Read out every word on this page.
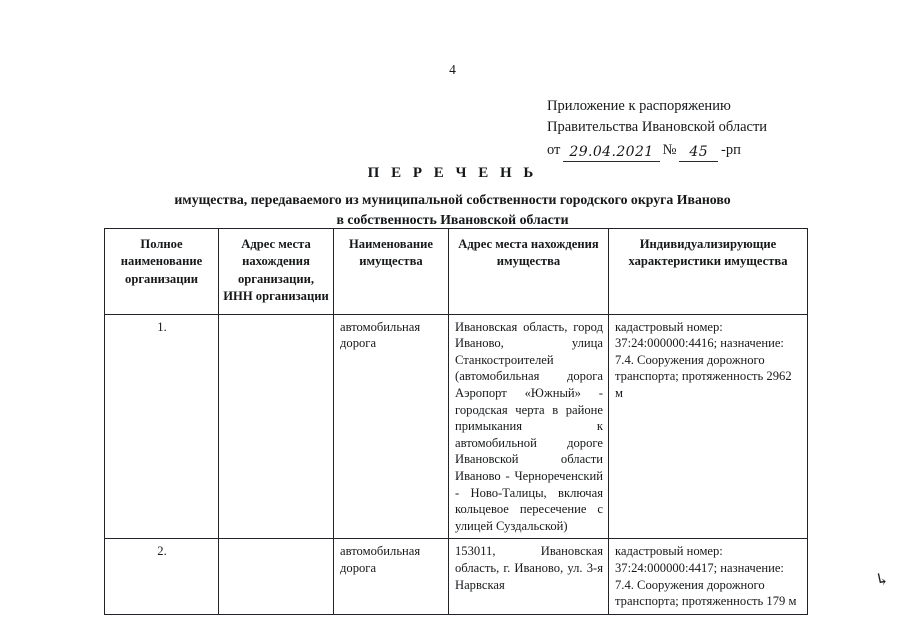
4
Приложение к распоряжению
Правительства Ивановской области
от 29.04.2021 № 45 -рп
П Е Р Е Ч Е Н Ь
имущества, передаваемого из муниципальной собственности городского округа Иваново
в собственность Ивановской области
Полное наименование организации	Адрес места нахождения организации, ИНН организации	Наименование имущества	Адрес места нахождения имущества	Индивидуализирующие характеристики имущества
1.		автомобильная дорога	Ивановская область, город Иваново, улица Станкостроителей (автомобильная дорога Аэропорт «Южный» - городская черта в районе примыкания к автомобильной дороге Ивановской области Иваново - Чернореченский - Ново-Талицы, включая кольцевое пересечение с улицей Суздальской)	кадастровый номер: 37:24:000000:4416; назначение: 7.4. Сооружения дорожного транспорта; протяженность 2962 м
2.		автомобильная дорога	153011, Ивановская область, г. Иваново, ул. 3-я Нарвская	кадастровый номер: 37:24:000000:4417; назначение: 7.4. Сооружения дорожного транспорта; протяженность 179 м
↳
